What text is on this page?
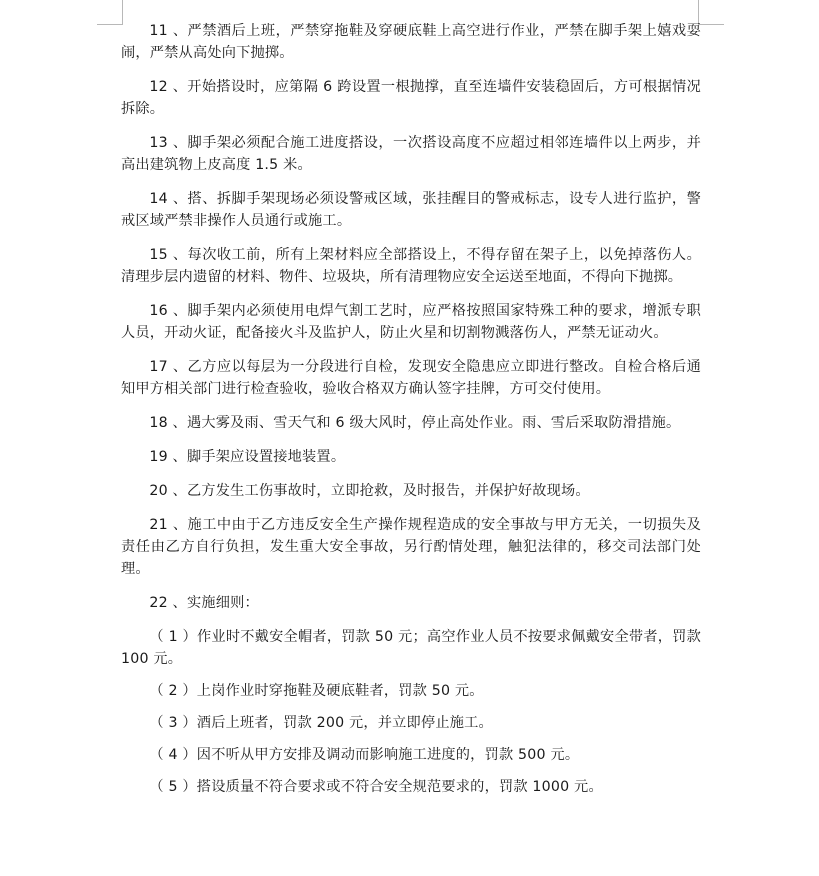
11 、严禁酒后上班，严禁穿拖鞋及穿硬底鞋上高空进行作业，严禁在脚手架上嬉戏耍闹，严禁从高处向下抛掷。

12 、开始搭设时，应第隔 6 跨设置一根抛撑，直至连墙件安装稳固后，方可根据情况拆除。

13 、脚手架必须配合施工进度搭设，一次搭设高度不应超过相邻连墙件以上两步，并高出建筑物上皮高度 1.5 米。

14 、搭、拆脚手架现场必须设警戒区域，张挂醒目的警戒标志，设专人进行监护，警戒区域严禁非操作人员通行或施工。

15 、每次收工前，所有上架材料应全部搭设上，不得存留在架子上，以免掉落伤人。清理步层内遗留的材料、物件、垃圾块，所有清理物应安全运送至地面，不得向下抛掷。

16 、脚手架内必须使用电焊气割工艺时，应严格按照国家特殊工种的要求，增派专职人员，开动火证，配备接火斗及监护人，防止火星和切割物溅落伤人，严禁无证动火。

17 、乙方应以每层为一分段进行自检，发现安全隐患应立即进行整改。自检合格后通知甲方相关部门进行检查验收，验收合格双方确认签字挂牌，方可交付使用。

18 、遇大雾及雨、雪天气和 6 级大风时，停止高处作业。雨、雪后采取防滑措施。

19 、脚手架应设置接地装置。

20 、乙方发生工伤事故时，立即抢救，及时报告，并保护好故现场。

21 、施工中由于乙方违反安全生产操作规程造成的安全事故与甲方无关，一切损失及责任由乙方自行负担，发生重大安全事故，另行酌情处理，触犯法律的，移交司法部门处理。

22 、实施细则：

（ 1 ）作业时不戴安全帽者，罚款 50 元；高空作业人员不按要求佩戴安全带者，罚款 100 元。

（ 2 ）上岗作业时穿拖鞋及硬底鞋者，罚款 50 元。

（ 3 ）酒后上班者，罚款 200 元，并立即停止施工。

（ 4 ）因不听从甲方安排及调动而影响施工进度的，罚款 500 元。

（ 5 ）搭设质量不符合要求或不符合安全规范要求的，罚款 1000 元。
